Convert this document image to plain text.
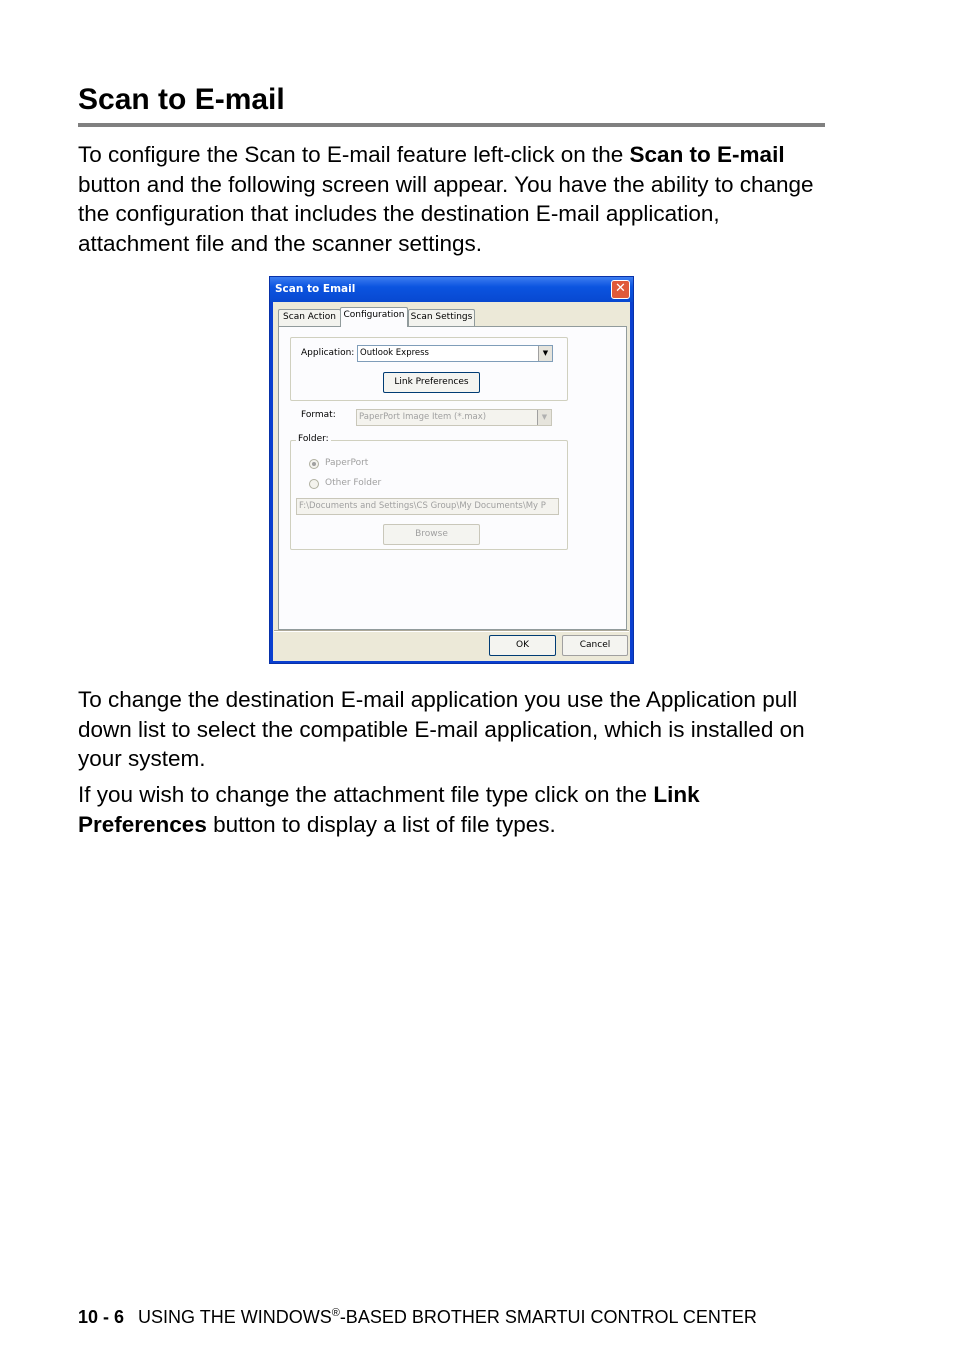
Scan to E-mail

To configure the Scan to E-mail feature left-click on the Scan to E-mail button and the following screen will appear. You have the ability to change the configuration that includes the destination E-mail application, attachment file and the scanner settings.

Scan to Email	✕
Scan Action Configuration Scan Settings
Application: Outlook Express	▼
Link Preferences
Format:	PaperPort Image Item (*.max)	▼
Folder:
PaperPort
Other Folder
F:\Documents and Settings\CS Group\My Documents\My P
Browse
OK	Cancel

To change the destination E-mail application you use the Application pull down list to select the compatible E-mail application, which is installed on your system.

If you wish to change the attachment file type click on the Link Preferences button to display a list of file types.

10 - 6 USING THE WINDOWS®-BASED BROTHER SMARTUI CONTROL CENTER
